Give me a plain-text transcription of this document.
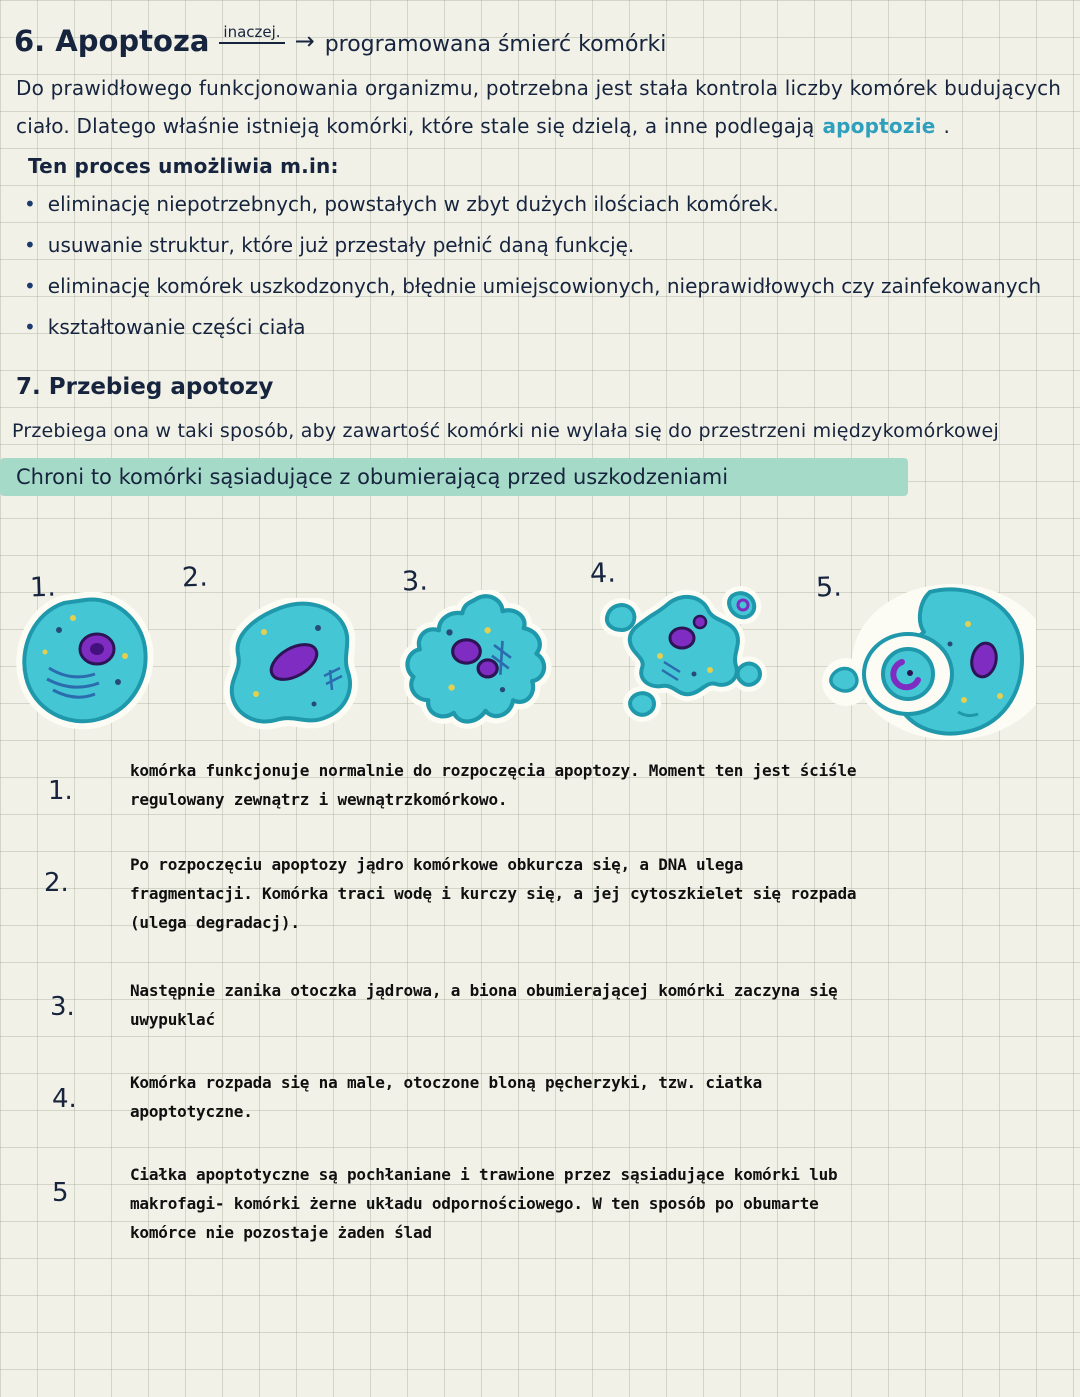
6. Apoptoza inaczej. → programowana śmierć komórki
Do prawidłowego funkcjonowania organizmu, potrzebna jest stała kontrola liczby komórek budujących
ciało. Dlatego właśnie istnieją komórki, które stale się dzielą, a inne podlegają apoptozie .
Ten proces umożliwia m.in:
• eliminację niepotrzebnych, powstałych w zbyt dużych ilościach komórek.
• usuwanie struktur, które już przestały pełnić daną funkcję.
• eliminację komórek uszkodzonych, błędnie umiejscowionych, nieprawidłowych czy zainfekowanych
• kształtowanie części ciała
7. Przebieg apotozy
Przebiega ona w taki sposób, aby zawartość komórki nie wylała się do przestrzeni międzykomórkowej
Chroni to komórki sąsiadujące z obumierającą przed uszkodzeniami
1.	2.	3.	4.	5.
1.
komórka funkcjonuje normalnie do rozpoczęcia apoptozy. Moment ten jest ściśle
regulowany zewnątrz i wewnątrzkomórkowo.
2.
Po rozpoczęciu apoptozy jądro komórkowe obkurcza się, a DNA ulega
fragmentacji. Komórka traci wodę i kurczy się, a jej cytoszkielet się rozpada
(ulega degradacj).
3.
Następnie zanika otoczka jądrowa, a biona obumierającej komórki zaczyna się
uwypuklać
4.
Komórka rozpada się na male, otoczone bloną pęcherzyki, tzw. ciatka
apoptotyczne.
5
Ciałka apoptotyczne są pochłaniane i trawione przez sąsiadujące komórki lub
makrofagi- komórki żerne układu odpornościowego. W ten sposób po obumarte
komórce nie pozostaje żaden ślad
